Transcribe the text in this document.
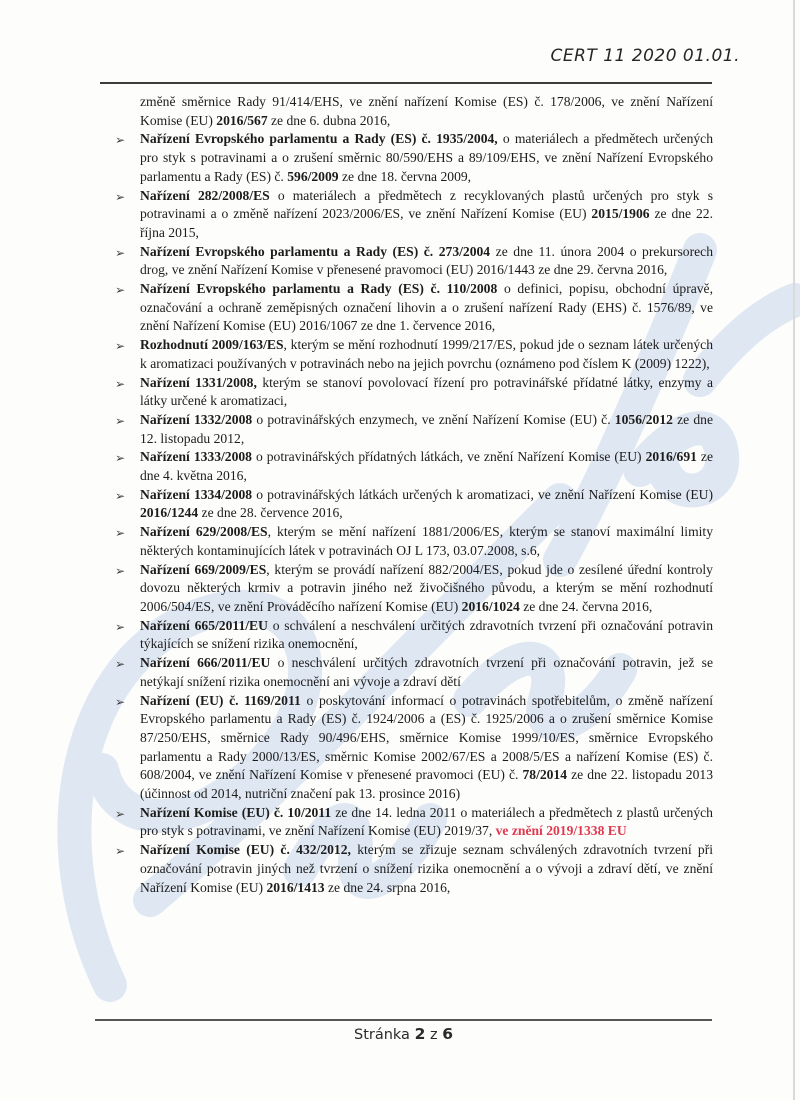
CERT 11 2020 01.01.
změně směrnice Rady 91/414/EHS, ve znění nařízení Komise (ES) č. 178/2006, ve znění Nařízení Komise (EU) 2016/567 ze dne 6. dubna 2016,
➢ Nařízení Evropského parlamentu a Rady (ES) č. 1935/2004, o materiálech a předmětech určených pro styk s potravinami a o zrušení směrnic 80/590/EHS a 89/109/EHS, ve znění Nařízení Evropského parlamentu a Rady (ES) č. 596/2009 ze dne 18. června 2009,
➢ Nařízení 282/2008/ES o materiálech a předmětech z recyklovaných plastů určených pro styk s potravinami a o změně nařízení 2023/2006/ES, ve znění Nařízení Komise (EU) 2015/1906 ze dne 22. října 2015,
➢ Nařízení Evropského parlamentu a Rady (ES) č. 273/2004 ze dne 11. února 2004 o prekursorech drog, ve znění Nařízení Komise v přenesené pravomoci (EU) 2016/1443 ze dne 29. června 2016,
➢ Nařízení Evropského parlamentu a Rady (ES) č. 110/2008 o definici, popisu, obchodní úpravě, označování a ochraně zeměpisných označení lihovin a o zrušení nařízení Rady (EHS) č. 1576/89, ve znění Nařízení Komise (EU) 2016/1067 ze dne 1. července 2016,
➢ Rozhodnutí 2009/163/ES, kterým se mění rozhodnutí 1999/217/ES, pokud jde o seznam látek určených k aromatizaci používaných v potravinách nebo na jejich povrchu (oznámeno pod číslem K (2009) 1222),
➢ Nařízení 1331/2008, kterým se stanoví povolovací řízení pro potravinářské přídatné látky, enzymy a látky určené k aromatizaci,
➢ Nařízení 1332/2008 o potravinářských enzymech, ve znění Nařízení Komise (EU) č. 1056/2012 ze dne 12. listopadu 2012,
➢ Nařízení 1333/2008 o potravinářských přídatných látkách, ve znění Nařízení Komise (EU) 2016/691 ze dne 4. května 2016,
➢ Nařízení 1334/2008 o potravinářských látkách určených k aromatizaci, ve znění Nařízení Komise (EU) 2016/1244 ze dne 28. července 2016,
➢ Nařízení 629/2008/ES, kterým se mění nařízení 1881/2006/ES, kterým se stanoví maximální limity některých kontaminujících látek v potravinách OJ L 173, 03.07.2008, s.6,
➢ Nařízení 669/2009/ES, kterým se provádí nařízení 882/2004/ES, pokud jde o zesílené úřední kontroly dovozu některých krmiv a potravin jiného než živočišného původu, a kterým se mění rozhodnutí 2006/504/ES, ve znění Prováděcího nařízení Komise (EU) 2016/1024 ze dne 24. června 2016,
➢ Nařízení 665/2011/EU o schválení a neschválení určitých zdravotních tvrzení při označování potravin týkajících se snížení rizika onemocnění,
➢ Nařízení 666/2011/EU o neschválení určitých zdravotních tvrzení při označování potravin, jež se netýkají snížení rizika onemocnění ani vývoje a zdraví dětí
➢ Nařízení (EU) č. 1169/2011 o poskytování informací o potravinách spotřebitelům, o změně nařízení Evropského parlamentu a Rady (ES) č. 1924/2006 a (ES) č. 1925/2006 a o zrušení směrnice Komise 87/250/EHS, směrnice Rady 90/496/EHS, směrnice Komise 1999/10/ES, směrnice Evropského parlamentu a Rady 2000/13/ES, směrnic Komise 2002/67/ES a 2008/5/ES a nařízení Komise (ES) č. 608/2004, ve znění Nařízení Komise v přenesené pravomoci (EU) č. 78/2014 ze dne 22. listopadu 2013 (účinnost od 2014, nutriční značení pak 13. prosince 2016)
➢ Nařízení Komise (EU) č. 10/2011 ze dne 14. ledna 2011 o materiálech a předmětech z plastů určených pro styk s potravinami, ve znění Nařízení Komise (EU) 2019/37, ve znění 2019/1338 EU
➢ Nařízení Komise (EU) č. 432/2012, kterým se zřizuje seznam schválených zdravotních tvrzení při označování potravin jiných než tvrzení o snížení rizika onemocnění a o vývoji a zdraví dětí, ve znění Nařízení Komise (EU) 2016/1413 ze dne 24. srpna 2016,
Stránka 2 z 6
